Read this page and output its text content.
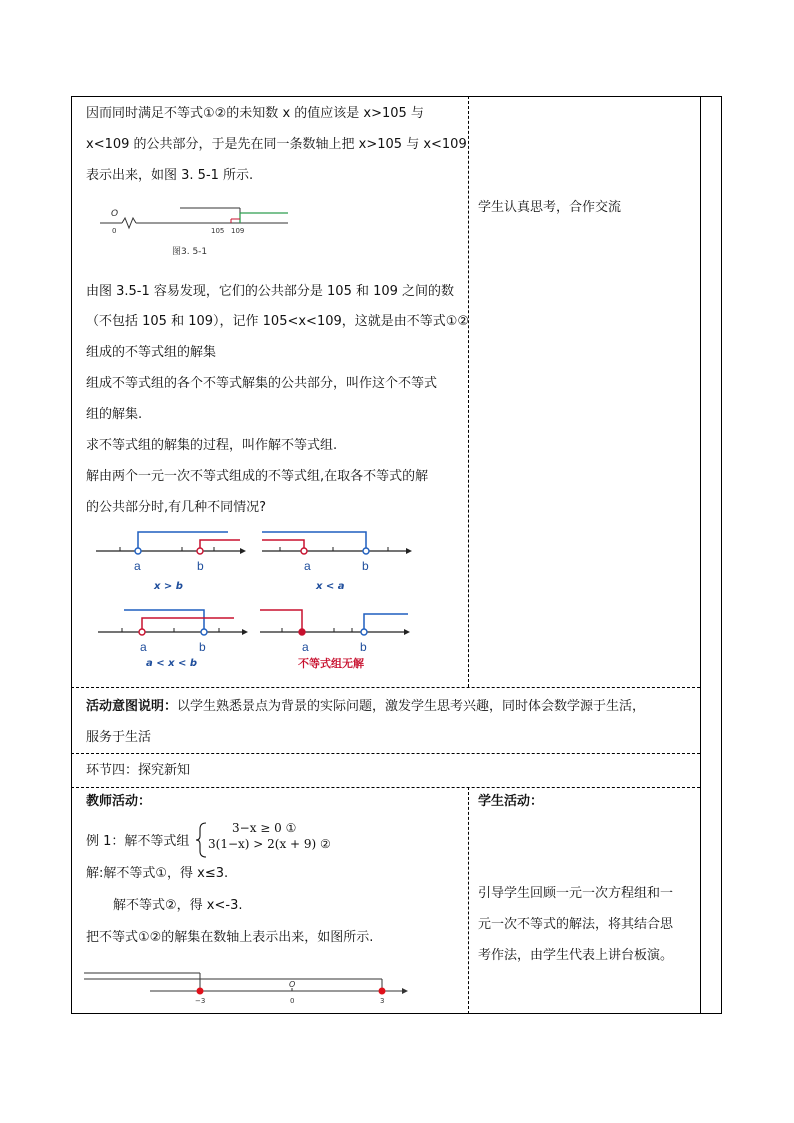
因而同时满足不等式①②的未知数 x 的值应该是 x>105 与
x<109 的公共部分，于是先在同一条数轴上把 x>105 与 x<109
表示出来，如图 3. 5-1 所示.
O
0	105 109
图3. 5-1
由图 3.5-1 容易发现，它们的公共部分是 105 和 109 之间的数
（不包括 105 和 109），记作 105<x<109，这就是由不等式①②
组成的不等式组的解集
组成不等式组的各个不等式解集的公共部分，叫作这个不等式
组的解集.
求不等式组的解集的过程，叫作解不等式组.
解由两个一元一次不等式组成的不等式组,在取各不等式的解
的公共部分时,有几种不同情况?
a	b
x > b
a	b
x < a
a	b
a < x < b
a	b
不等式组无解
学生认真思考，合作交流
活动意图说明：以学生熟悉景点为背景的实际问题，激发学生思考兴趣，同时体会数学源于生活，
服务于生活
环节四：探究新知
教师活动：	学生活动：
例 1：解不等式组
3−x ≥ 0 ①
3(1−x) > 2(x + 9) ②
解:解不等式①，得 x≤3.
解不等式②，得 x<-3.
把不等式①②的解集在数轴上表示出来，如图所示.
−3
O
0	3
引导学生回顾一元一次方程组和一
元一次不等式的解法，将其结合思
考作法，由学生代表上讲台板演。
